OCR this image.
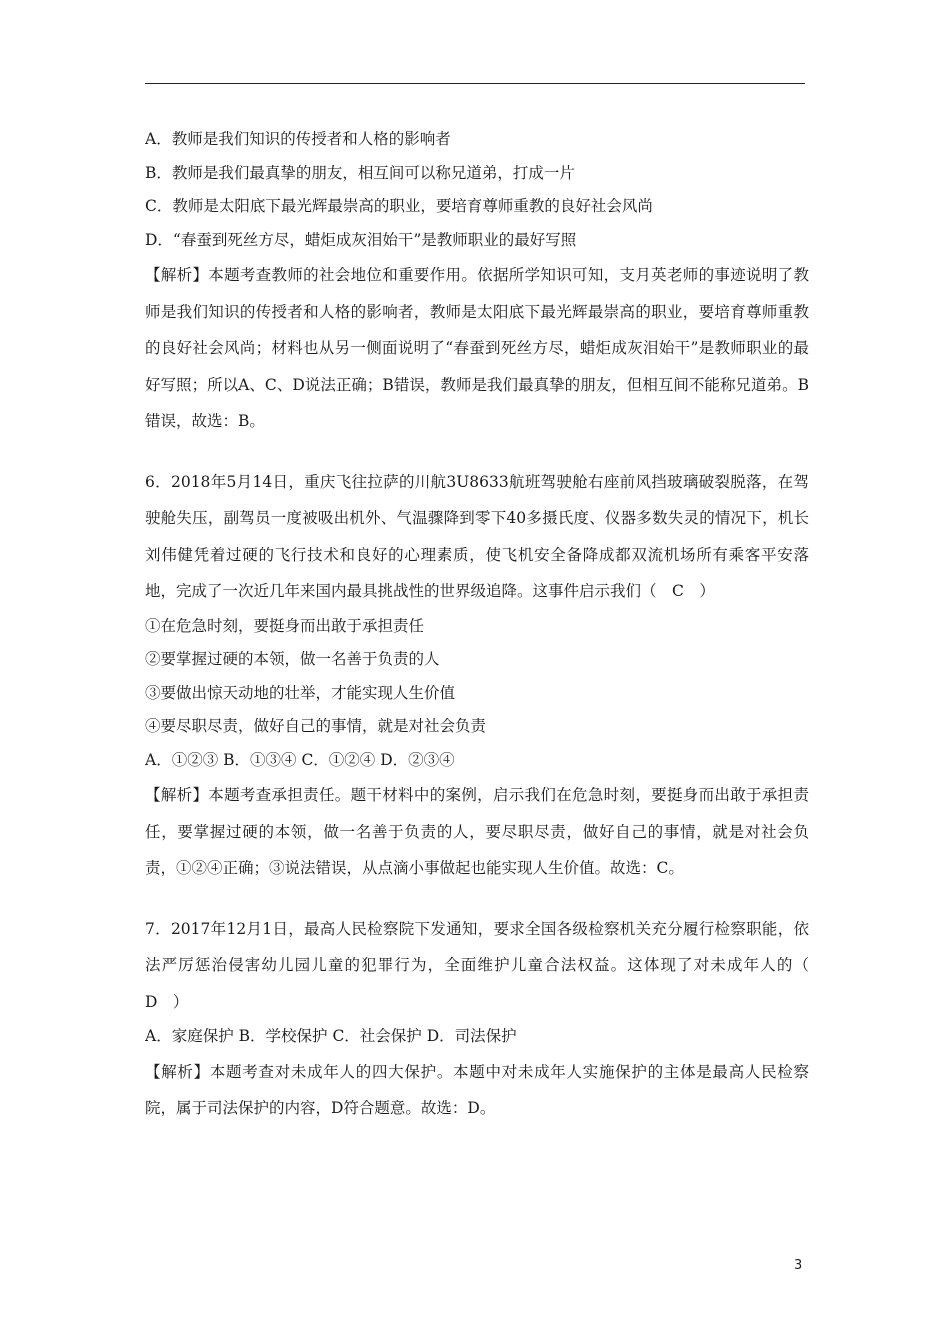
A．教师是我们知识的传授者和人格的影响者
B．教师是我们最真挚的朋友，相互间可以称兄道弟，打成一片
C．教师是太阳底下最光辉最崇高的职业，要培育尊师重教的良好社会风尚
D．“春蚕到死丝方尽，蜡炬成灰泪始干”是教师职业的最好写照
【解析】本题考查教师的社会地位和重要作用。依据所学知识可知，支月英老师的事迹说明了教师是我们知识的传授者和人格的影响者，教师是太阳底下最光辉最崇高的职业，要培育尊师重教的良好社会风尚；材料也从另一侧面说明了“春蚕到死丝方尽，蜡炬成灰泪始干”是教师职业的最好写照；所以A、C、D说法正确；B错误，教师是我们最真挚的朋友，但相互间不能称兄道弟。B错误，故选：B。
6．2018年5月14日，重庆飞往拉萨的川航3U8633航班驾驶舱右座前风挡玻璃破裂脱落，在驾驶舱失压，副驾员一度被吸出机外、气温骤降到零下40多摄氏度、仪器多数失灵的情况下，机长刘伟健凭着过硬的飞行技术和良好的心理素质，使飞机安全备降成都双流机场所有乘客平安落地，完成了一次近几年来国内最具挑战性的世界级追降。这事件启示我们（　C　）
①在危急时刻，要挺身而出敢于承担责任
②要掌握过硬的本领，做一名善于负责的人
③要做出惊天动地的壮举，才能实现人生价值
④要尽职尽责，做好自己的事情，就是对社会负责
A．①②③ B．①③④ C．①②④ D．②③④
【解析】本题考查承担责任。题干材料中的案例，启示我们在危急时刻，要挺身而出敢于承担责任，要掌握过硬的本领，做一名善于负责的人，要尽职尽责，做好自己的事情，就是对社会负责，①②④正确；③说法错误，从点滴小事做起也能实现人生价值。故选：C。
7．2017年12月1日，最高人民检察院下发通知，要求全国各级检察机关充分履行检察职能，依法严厉惩治侵害幼儿园儿童的犯罪行为，全面维护儿童合法权益。这体现了对未成年人的（　D　）
A．家庭保护 B．学校保护 C．社会保护 D．司法保护
【解析】本题考查对未成年人的四大保护。本题中对未成年人实施保护的主体是最高人民检察院，属于司法保护的内容，D符合题意。故选：D。
3
